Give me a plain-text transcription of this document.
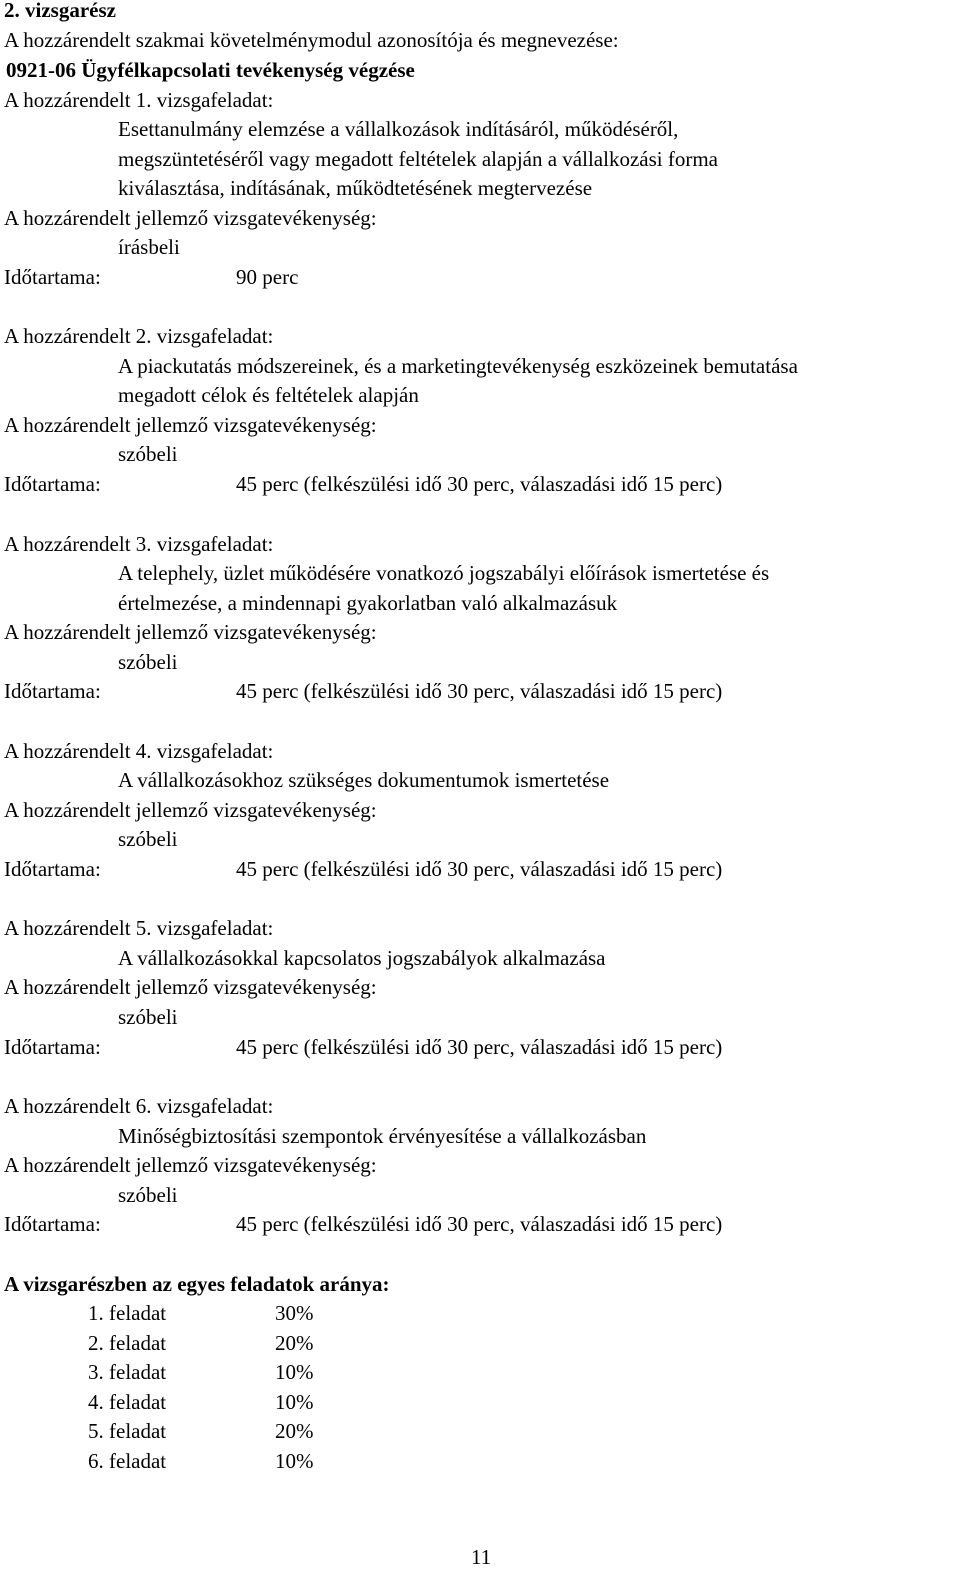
2. vizsgarész
A hozzárendelt szakmai követelménymodul azonosítója és megnevezése:
0921-06 Ügyfélkapcsolati tevékenység végzése
A hozzárendelt 1. vizsgafeladat:
Esettanulmány elemzése a vállalkozások indításáról, működéséről,
megszüntetéséről vagy megadott feltételek alapján a vállalkozási forma
kiválasztása, indításának, működtetésének megtervezése
A hozzárendelt jellemző vizsgatevékenység:
írásbeli
Időtartama:	90 perc
A hozzárendelt 2. vizsgafeladat:
A piackutatás módszereinek, és a marketingtevékenység eszközeinek bemutatása
megadott célok és feltételek alapján
A hozzárendelt jellemző vizsgatevékenység:
szóbeli
Időtartama:	45 perc (felkészülési idő 30 perc, válaszadási idő 15 perc)
A hozzárendelt 3. vizsgafeladat:
A telephely, üzlet működésére vonatkozó jogszabályi előírások ismertetése és
értelmezése, a mindennapi gyakorlatban való alkalmazásuk
A hozzárendelt jellemző vizsgatevékenység:
szóbeli
Időtartama:	45 perc (felkészülési idő 30 perc, válaszadási idő 15 perc)
A hozzárendelt 4. vizsgafeladat:
A vállalkozásokhoz szükséges dokumentumok ismertetése
A hozzárendelt jellemző vizsgatevékenység:
szóbeli
Időtartama:	45 perc (felkészülési idő 30 perc, válaszadási idő 15 perc)
A hozzárendelt 5. vizsgafeladat:
A vállalkozásokkal kapcsolatos jogszabályok alkalmazása
A hozzárendelt jellemző vizsgatevékenység:
szóbeli
Időtartama:	45 perc (felkészülési idő 30 perc, válaszadási idő 15 perc)
A hozzárendelt 6. vizsgafeladat:
Minőségbiztosítási szempontok érvényesítése a vállalkozásban
A hozzárendelt jellemző vizsgatevékenység:
szóbeli
Időtartama:	45 perc (felkészülési idő 30 perc, válaszadási idő 15 perc)
A vizsgarészben az egyes feladatok aránya:
1. feladat	30%
2. feladat	20%
3. feladat	10%
4. feladat	10%
5. feladat	20%
6. feladat	10%
11
